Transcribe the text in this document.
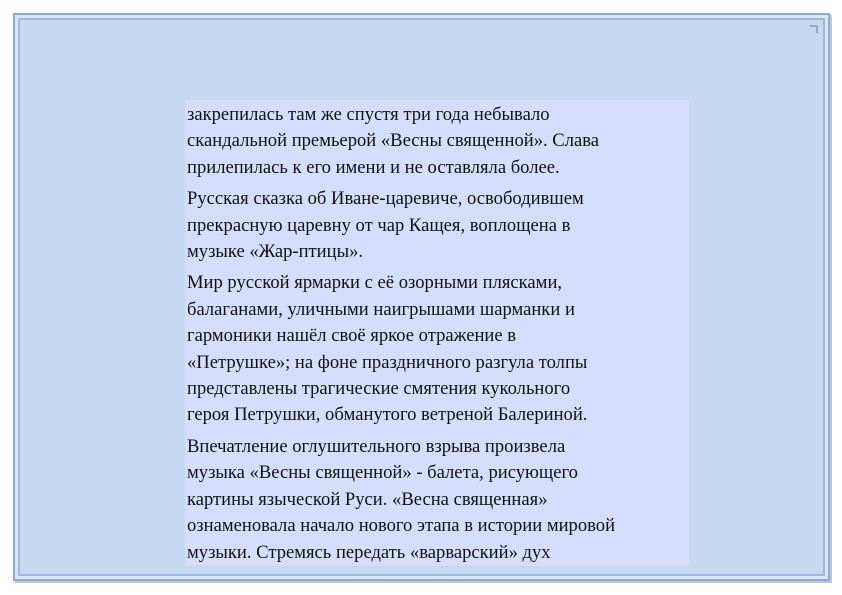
закрепилась там же спустя три года небывало
скандальной премьерой «Весны священной». Слава
прилепилась к его имени и не оставляла более.

Русская сказка об Иване-царевиче, освободившем
прекрасную царевну от чар Кащея, воплощена в
музыке «Жар-птицы».

Мир русской ярмарки с её озорными плясками,
балаганами, уличными наигрышами шарманки и
гармоники нашёл своё яркое отражение в
«Петрушке»; на фоне праздничного разгула толпы
представлены трагические смятения кукольного
героя Петрушки, обманутого ветреной Балериной.

Впечатление оглушительного взрыва произвела
музыка «Весны священной» - балета, рисующего
картины языческой Руси. «Весна священная»
ознаменовала начало нового этапа в истории мировой
музыки. Стремясь передать «варварский» дух
